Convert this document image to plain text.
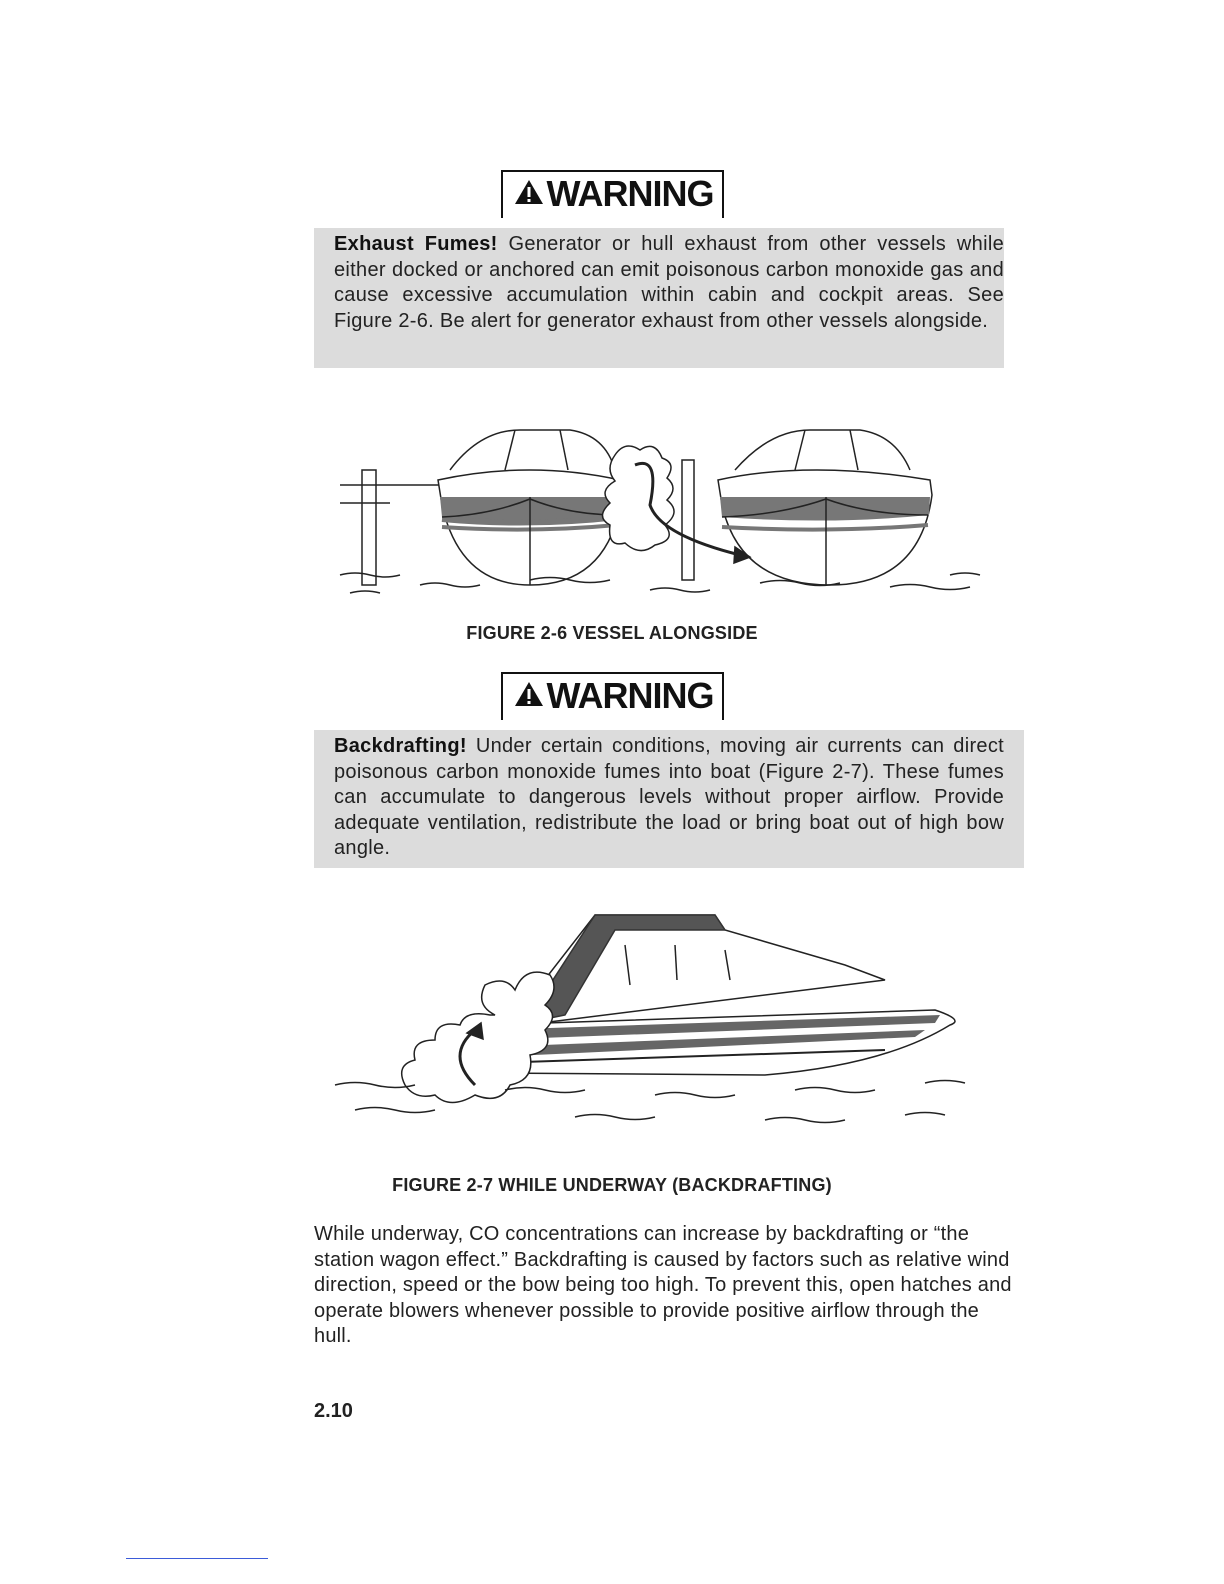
WARNING
Exhaust Fumes! Generator or hull exhaust from other vessels while either docked or anchored can emit poisonous carbon monoxide gas and cause excessive accumulation within cabin and cockpit areas. See Figure 2-6. Be alert for generator exhaust from other vessels alongside.
FIGURE 2-6 VESSEL ALONGSIDE
WARNING
Backdrafting! Under certain conditions, moving air currents can direct poisonous carbon monoxide fumes into boat (Figure 2-7). These fumes can accumulate to dangerous levels without proper airflow. Provide adequate ventilation, redistribute the load or bring boat out of high bow angle.
FIGURE 2-7 WHILE UNDERWAY (BACKDRAFTING)
While underway, CO concentrations can increase by backdrafting or “the station wagon effect.” Backdrafting is caused by factors such as relative wind direction, speed or the bow being too high. To prevent this, open hatches and operate blowers whenever possible to provide positive airflow through the hull.
2.10
